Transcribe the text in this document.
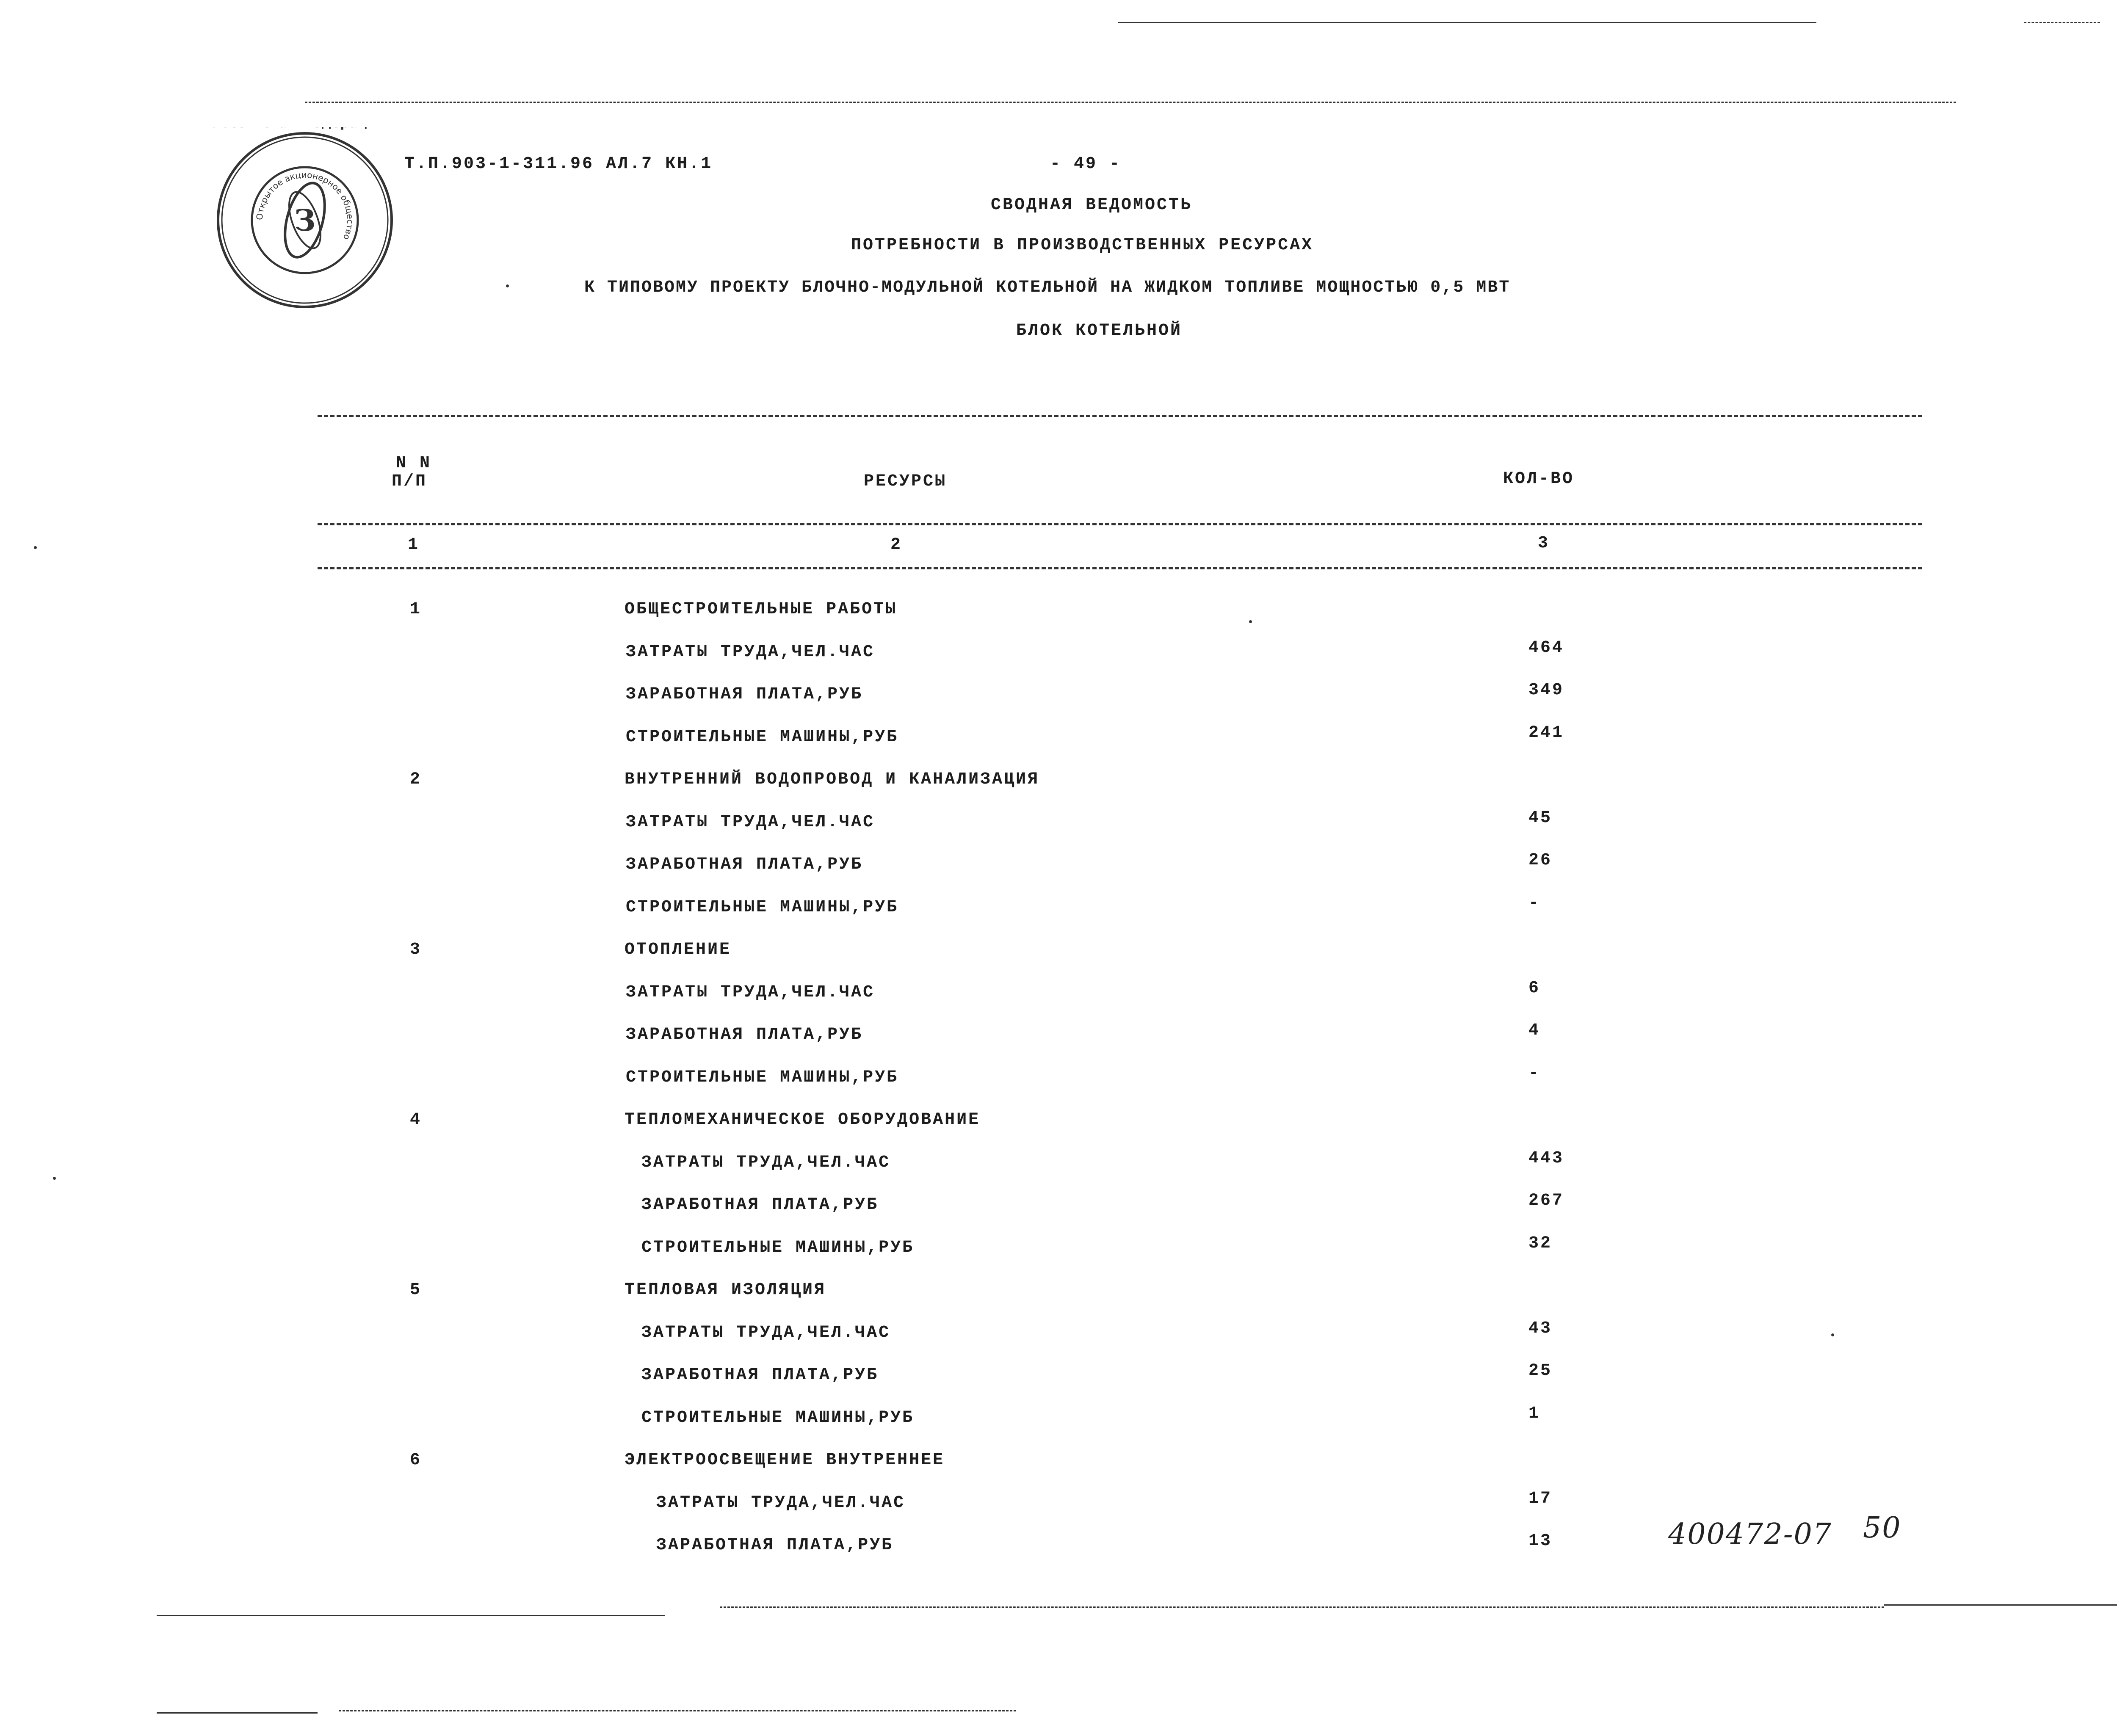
Открытое акционерное общество
З
Т.П.903-1-311.96 АЛ.7 КН.1	- 49 -
СВОДНАЯ ВЕДОМОСТЬ
ПОТРЕБНОСТИ В ПРОИЗВОДСТВЕННЫХ РЕСУРСАХ
К ТИПОВОМУ ПРОЕКТУ БЛОЧНО-МОДУЛЬНОЙ КОТЕЛЬНОЙ НА ЖИДКОМ ТОПЛИВЕ МОЩНОСТЬЮ 0,5 МВТ
БЛОК КОТЕЛЬНОЙ
N N
П/П	РЕСУРСЫ	КОЛ-ВО
1	2	3
1	ОБЩЕСТРОИТЕЛЬНЫЕ РАБОТЫ
ЗАТРАТЫ ТРУДА,ЧЕЛ.ЧАС	464
ЗАРАБОТНАЯ ПЛАТА,РУБ	349
СТРОИТЕЛЬНЫЕ МАШИНЫ,РУБ	241
2	ВНУТРЕННИЙ ВОДОПРОВОД И КАНАЛИЗАЦИЯ
ЗАТРАТЫ ТРУДА,ЧЕЛ.ЧАС	45
ЗАРАБОТНАЯ ПЛАТА,РУБ	26
СТРОИТЕЛЬНЫЕ МАШИНЫ,РУБ	-
3	ОТОПЛЕНИЕ
ЗАТРАТЫ ТРУДА,ЧЕЛ.ЧАС	6
ЗАРАБОТНАЯ ПЛАТА,РУБ	4
СТРОИТЕЛЬНЫЕ МАШИНЫ,РУБ	-
4	ТЕПЛОМЕХАНИЧЕСКОЕ ОБОРУДОВАНИЕ
ЗАТРАТЫ ТРУДА,ЧЕЛ.ЧАС	443
ЗАРАБОТНАЯ ПЛАТА,РУБ	267
СТРОИТЕЛЬНЫЕ МАШИНЫ,РУБ	32
5	ТЕПЛОВАЯ ИЗОЛЯЦИЯ
ЗАТРАТЫ ТРУДА,ЧЕЛ.ЧАС	43
ЗАРАБОТНАЯ ПЛАТА,РУБ	25
СТРОИТЕЛЬНЫЕ МАШИНЫ,РУБ	1
6	ЭЛЕКТРООСВЕЩЕНИЕ ВНУТРЕННЕЕ
ЗАТРАТЫ ТРУДА,ЧЕЛ.ЧАС	17
ЗАРАБОТНАЯ ПЛАТА,РУБ	13	400472-07 50
